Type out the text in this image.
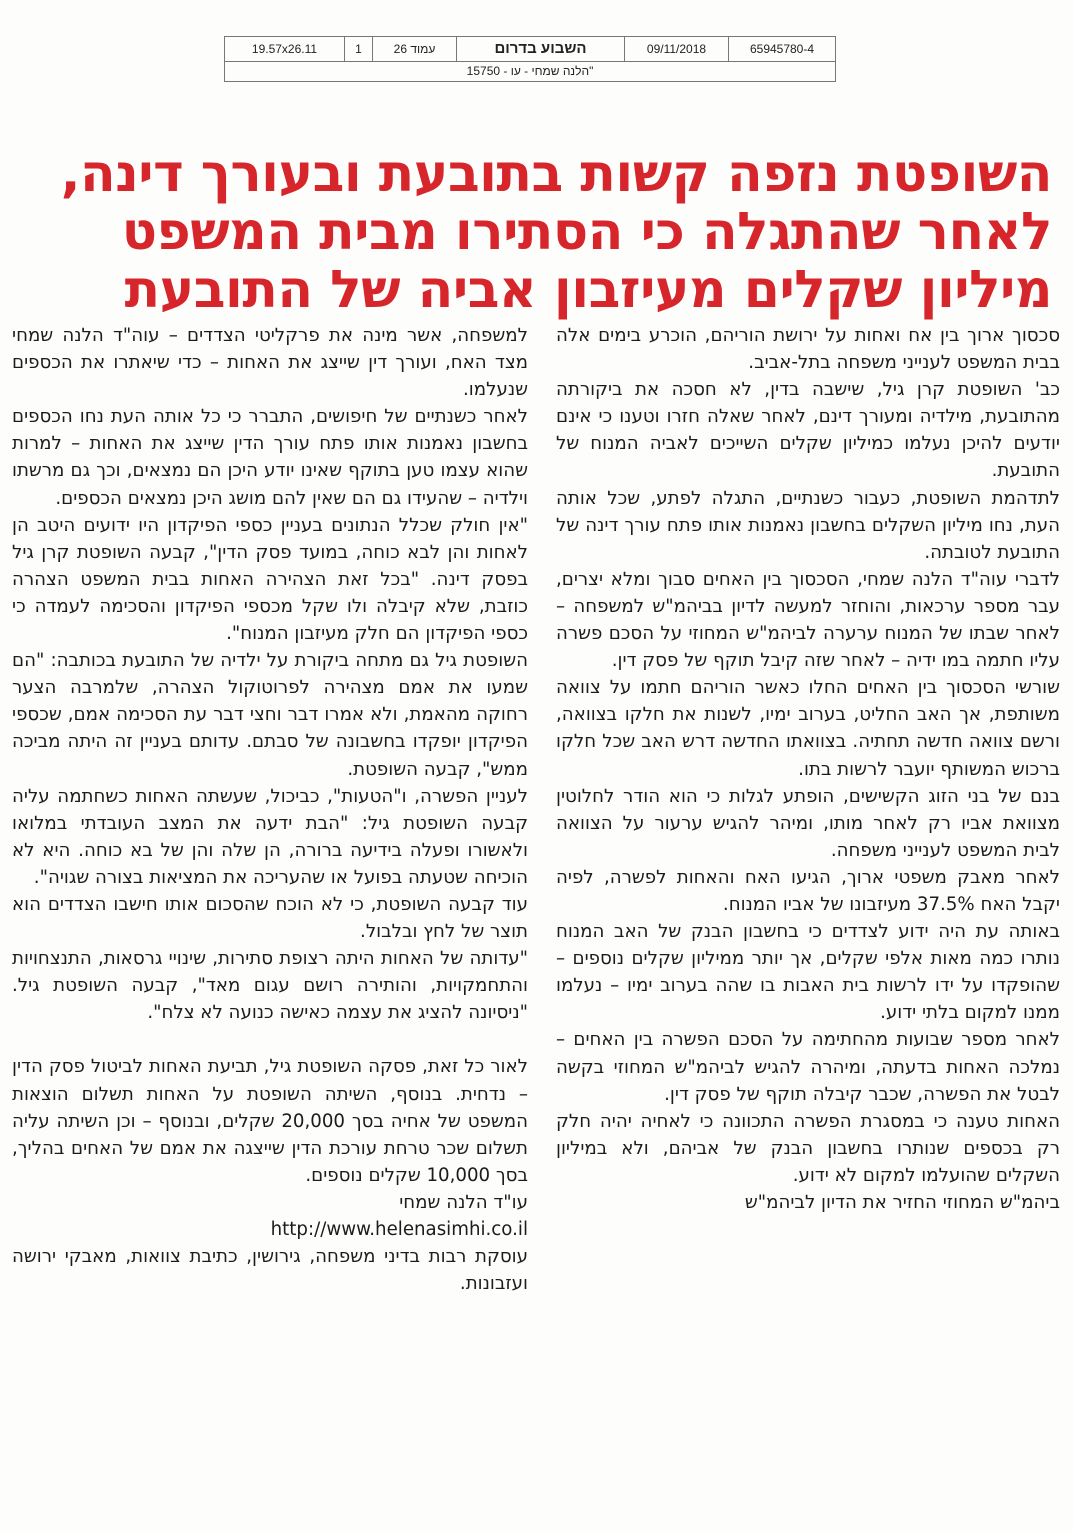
19.57x26.11	1	עמוד 26	השבוע בדרום	09/11/2018	65945780-4
"הלנה שמחי - עו - 15750
השופטת נזפה קשות בתובעת ובעורך דינה,
לאחר שהתגלה כי הסתירו מבית המשפט
מיליון שקלים מעיזבון אביה של התובעת

סכסוך ארוך בין אח ואחות על ירושת הוריהם, הוכרע בימים אלה בבית המשפט לענייני משפחה בתל-אביב.

כב' השופטת קרן גיל, שישבה בדין, לא חסכה את ביקורתה מהתובעת, מילדיה ומעורך דינם, לאחר שאלה חזרו וטענו כי אינם יודעים להיכן נעלמו כמיליון שקלים השייכים לאביה המנוח של התובעת.

לתדהמת השופטת, כעבור כשנתיים, התגלה לפתע, שכל אותה העת, נחו מיליון השקלים בחשבון נאמנות אותו פתח עורך דינה של התובעת לטובתה.

לדברי עוה"ד הלנה שמחי, הסכסוך בין האחים סבוך ומלא יצרים, עבר מספר ערכאות, והוחזר למעשה לדיון בביהמ"ש למשפחה – לאחר שבתו של המנוח ערערה לביהמ"ש המחוזי על הסכם פשרה עליו חתמה במו ידיה – לאחר שזה קיבל תוקף של פסק דין.

שורשי הסכסוך בין האחים החלו כאשר הוריהם חתמו על צוואה משותפת, אך האב החליט, בערוב ימיו, לשנות את חלקו בצוואה, ורשם צוואה חדשה תחתיה. בצוואתו החדשה דרש האב שכל חלקו ברכוש המשותף יועבר לרשות בתו.

בנם של בני הזוג הקשישים, הופתע לגלות כי הוא הודר לחלוטין מצוואת אביו רק לאחר מותו, ומיהר להגיש ערעור על הצוואה לבית המשפט לענייני משפחה.

לאחר מאבק משפטי ארוך, הגיעו האח והאחות לפשרה, לפיה יקבל האח 37.5% מעיזבונו של אביו המנוח.

באותה עת היה ידוע לצדדים כי בחשבון הבנק של האב המנוח נותרו כמה מאות אלפי שקלים, אך יותר ממיליון שקלים נוספים – שהופקדו על ידו לרשות בית האבות בו שהה בערוב ימיו – נעלמו ממנו למקום בלתי ידוע.

לאחר מספר שבועות מהחתימה על הסכם הפשרה בין האחים – נמלכה האחות בדעתה, ומיהרה להגיש לביהמ"ש המחוזי בקשה לבטל את הפשרה, שכבר קיבלה תוקף של פסק דין.

האחות טענה כי במסגרת הפשרה התכוונה כי לאחיה יהיה חלק רק בכספים שנותרו בחשבון הבנק של אביהם, ולא במיליון השקלים שהועלמו למקום לא ידוע.

ביהמ"ש המחוזי החזיר את הדיון לביהמ"ש

למשפחה, אשר מינה את פרקליטי הצדדים – עוה"ד הלנה שמחי מצד האח, ועורך דין שייצג את האחות – כדי שיאתרו את הכספים שנעלמו.

לאחר כשנתיים של חיפושים, התברר כי כל אותה העת נחו הכספים בחשבון נאמנות אותו פתח עורך הדין שייצג את האחות – למרות שהוא עצמו טען בתוקף שאינו יודע היכן הם נמצאים, וכך גם מרשתו וילדיה – שהעידו גם הם שאין להם מושג היכן נמצאים הכספים.

"אין חולק שכלל הנתונים בעניין כספי הפיקדון היו ידועים היטב הן לאחות והן לבא כוחה, במועד פסק הדין", קבעה השופטת קרן גיל בפסק דינה. "בכל זאת הצהירה האחות בבית המשפט הצהרה כוזבת, שלא קיבלה ולו שקל מכספי הפיקדון והסכימה לעמדה כי כספי הפיקדון הם חלק מעיזבון המנוח".

השופטת גיל גם מתחה ביקורת על ילדיה של התובעת בכותבה: "הם שמעו את אמם מצהירה לפרוטוקול הצהרה, שלמרבה הצער רחוקה מהאמת, ולא אמרו דבר וחצי דבר עת הסכימה אמם, שכספי הפיקדון יופקדו בחשבונה של סבתם. עדותם בעניין זה היתה מביכה ממש", קבעה השופטת.

לעניין הפשרה, ו"הטעות", כביכול, שעשתה האחות כשחתמה עליה קבעה השופטת גיל: "הבת ידעה את המצב העובדתי במלואו ולאשורו ופעלה בידיעה ברורה, הן שלה והן של בא כוחה. היא לא הוכיחה שטעתה בפועל או שהעריכה את המציאות בצורה שגויה".

עוד קבעה השופטת, כי לא הוכח שהסכום אותו חישבו הצדדים הוא תוצר של לחץ ובלבול.

"עדותה של האחות היתה רצופת סתירות, שינויי גרסאות, התנצחויות והתחמקויות, והותירה רושם עגום מאד", קבעה השופטת גיל. "ניסיונה להציג את עצמה כאישה כנועה לא צלח".

לאור כל זאת, פסקה השופטת גיל, תביעת האחות לביטול פסק הדין – נדחית. בנוסף, השיתה השופטת על האחות תשלום הוצאות המשפט של אחיה בסך 20,000 שקלים, ובנוסף – וכן השיתה עליה תשלום שכר טרחת עורכת הדין שייצגה את אמם של האחים בהליך, בסך 10,000 שקלים נוספים.

עו"ד הלנה שמחי

http://www.helenasimhi.co.il

עוסקת רבות בדיני משפחה, גירושין, כתיבת צוואות, מאבקי ירושה ועזבונות.
